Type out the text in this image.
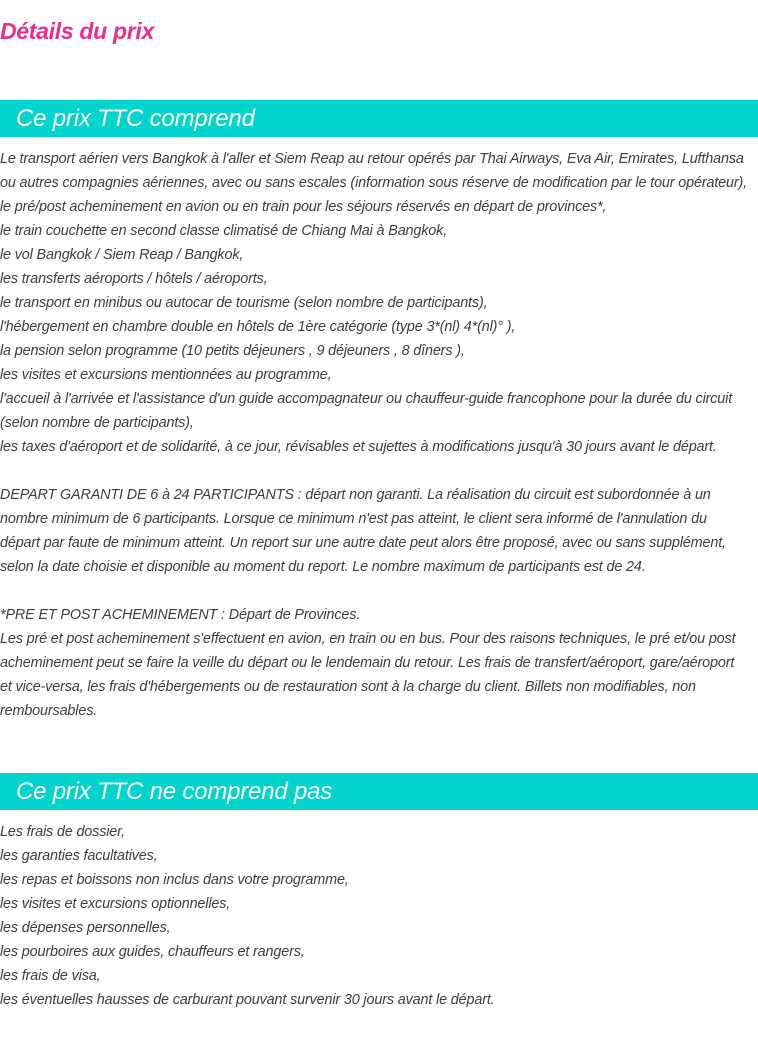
Détails du prix
Ce prix TTC comprend
Le transport aérien vers Bangkok à l'aller et Siem Reap au retour opérés par Thai Airways, Eva Air, Emirates, Lufthansa
ou autres compagnies aériennes, avec ou sans escales (information sous réserve de modification par le tour opérateur),
le pré/post acheminement en avion ou en train pour les séjours réservés en départ de provinces*,
le train couchette en second classe climatisé de Chiang Mai à Bangkok,
le vol Bangkok / Siem Reap / Bangkok,
les transferts aéroports / hôtels / aéroports,
le transport en minibus ou autocar de tourisme (selon nombre de participants),
l'hébergement en chambre double en hôtels de 1ère catégorie (type 3*(nl) 4*(nl)° ),
la pension selon programme (10 petits déjeuners , 9 déjeuners , 8 dîners ),
les visites et excursions mentionnées au programme,
l'accueil à l'arrivée et l'assistance d'un guide accompagnateur ou chauffeur-guide francophone pour la durée du circuit
(selon nombre de participants),
les taxes d'aéroport et de solidarité, à ce jour, révisables et sujettes à modifications jusqu'à 30 jours avant le départ.
DEPART GARANTI DE 6 à 24 PARTICIPANTS : départ non garanti. La réalisation du circuit est subordonnée à un
nombre minimum de 6 participants. Lorsque ce minimum n'est pas atteint, le client sera informé de l'annulation du
départ par faute de minimum atteint. Un report sur une autre date peut alors être proposé, avec ou sans supplément,
selon la date choisie et disponible au moment du report. Le nombre maximum de participants est de 24.
*PRE ET POST ACHEMINEMENT : Départ de Provinces.
Les pré et post acheminement s'effectuent en avion, en train ou en bus. Pour des raisons techniques, le pré et/ou post
acheminement peut se faire la veille du départ ou le lendemain du retour. Les frais de transfert/aéroport, gare/aéroport
et vice-versa, les frais d'hébergements ou de restauration sont à la charge du client. Billets non modifiables, non
remboursables.
Ce prix TTC ne comprend pas
Les frais de dossier,
les garanties facultatives,
les repas et boissons non inclus dans votre programme,
les visites et excursions optionnelles,
les dépenses personnelles,
les pourboires aux guides, chauffeurs et rangers,
les frais de visa,
les éventuelles hausses de carburant pouvant survenir 30 jours avant le départ.
